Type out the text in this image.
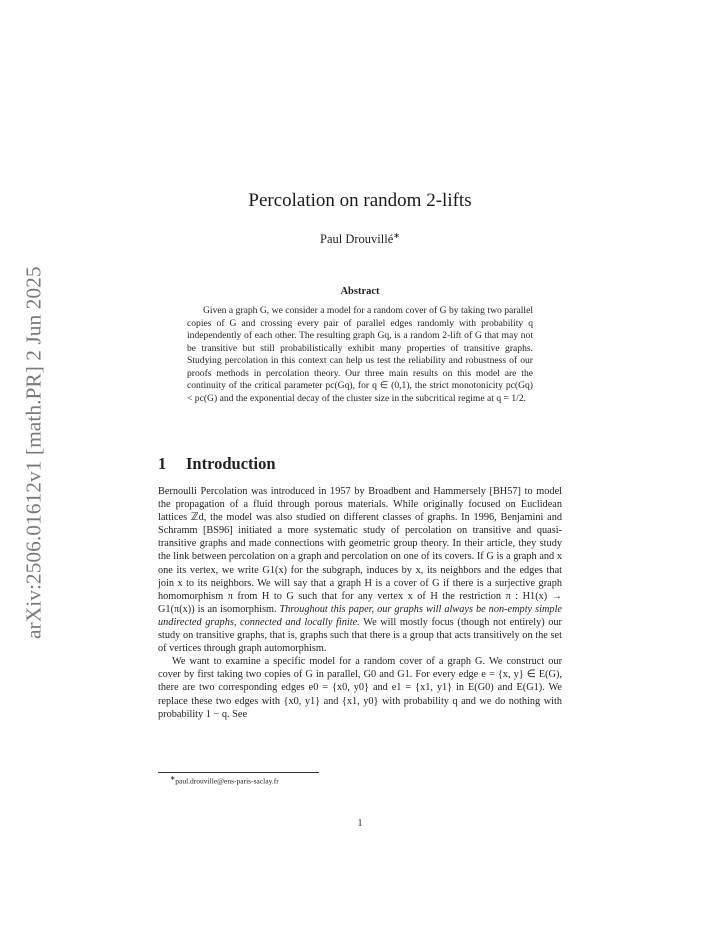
arXiv:2506.01612v1 [math.PR] 2 Jun 2025
Percolation on random 2-lifts
Paul Drouvillé∗
Abstract
Given a graph G, we consider a model for a random cover of G by taking two parallel copies of G and crossing every pair of parallel edges randomly with probability q independently of each other. The resulting graph Gq, is a random 2-lift of G that may not be transitive but still probabilistically exhibit many properties of transitive graphs. Studying percolation in this context can help us test the reliability and robustness of our proofs methods in percolation theory. Our three main results on this model are the continuity of the critical parameter pc(Gq), for q ∈ (0,1), the strict monotonicity pc(Gq) < pc(G) and the exponential decay of the cluster size in the subcritical regime at q = 1/2.
1 Introduction

Bernoulli Percolation was introduced in 1957 by Broadbent and Hammersely [BH57] to model the propagation of a fluid through porous materials. While originally focused on Euclidean lattices ℤd, the model was also studied on different classes of graphs. In 1996, Benjamini and Schramm [BS96] initiated a more systematic study of percolation on transitive and quasi-transitive graphs and made connections with geometric group theory. In their article, they study the link between percolation on a graph and percolation on one of its covers. If G is a graph and x one its vertex, we write G1(x) for the subgraph, induces by x, its neighbors and the edges that join x to its neighbors. We will say that a graph H is a cover of G if there is a surjective graph homomorphism π from H to G such that for any vertex x of H the restriction π : H1(x) → G1(π(x)) is an isomorphism. Throughout this paper, our graphs will always be non-empty simple undirected graphs, connected and locally finite. We will mostly focus (though not entirely) our study on transitive graphs, that is, graphs such that there is a group that acts transitively on the set of vertices through graph automorphism.

We want to examine a specific model for a random cover of a graph G. We construct our cover by first taking two copies of G in parallel, G0 and G1. For every edge e = {x, y} ∈ E(G), there are two corresponding edges e0 = {x0, y0} and e1 = {x1, y1} in E(G0) and E(G1). We replace these two edges with {x0, y1} and {x1, y0} with probability q and we do nothing with probability 1 − q. See

∗paul.drouville@ens-paris-saclay.fr
1
